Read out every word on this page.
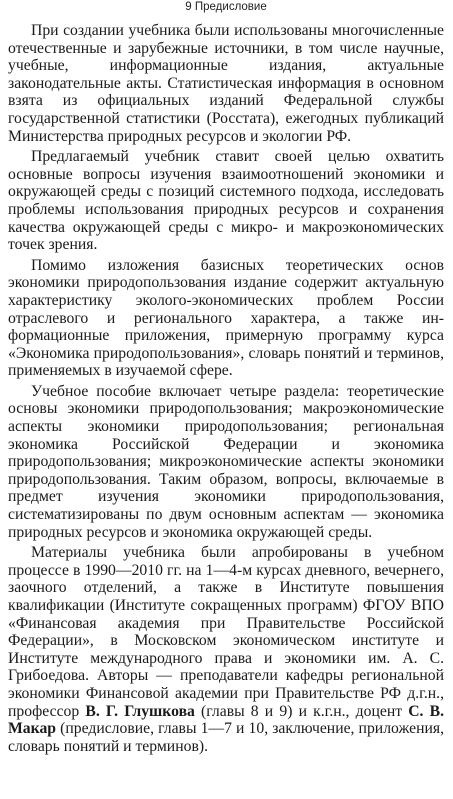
9 Предисловие

При создании учебника были использованы многочисленные отечественные и зарубежные источники, в том числе научные, учебные, информационные издания, актуальные законодательные акты. Статистическая информация в основном взята из официальных изданий Федеральной службы государственной статистики (Росстата), ежегодных публикаций Министерства природных ресурсов и экологии РФ.

Предлагаемый учебник ставит своей целью охватить основные вопросы изучения взаимоотношений экономики и окружающей среды с позиций системного подхода, исследовать проблемы использования природных ресурсов и сохранения качества окружающей среды с микро- и макроэкономических точек зрения.

Помимо изложения базисных теоретических основ экономики природопользования издание содержит актуальную характеристику эколого-экономических проблем России отраслевого и регионального характера, а также информационные приложения, примерную программу курса «Экономика природопользования», словарь понятий и терминов, применяемых в изучаемой сфере.

Учебное пособие включает четыре раздела: теоретические основы экономики природопользования; макроэкономические аспекты экономики природопользования; региональная экономика Российской Федерации и экономика природопользования; микроэкономические аспекты экономики природопользования. Таким образом, вопросы, включаемые в предмет изучения экономики природопользования, систематизированы по двум основным аспектам — экономика природных ресурсов и экономика окружающей среды.

Материалы учебника были апробированы в учебном процессе в 1990—2010 гг. на 1—4-м курсах дневного, вечернего, заочного отделений, а также в Институте повышения квалификации (Институте сокращенных программ) ФГОУ ВПО «Финансовая академия при Правительстве Российской Федерации», в Московском экономическом институте и Институте международного права и экономики им. А. С. Грибоедова. Авторы — преподаватели кафедры региональной экономики Финансовой академии при Правительстве РФ д.г.н., профессор В. Г. Глушкова (главы 8 и 9) и к.г.н., доцент С. В. Макар (предисловие, главы 1—7 и 10, заключение, приложения, словарь понятий и терминов).
